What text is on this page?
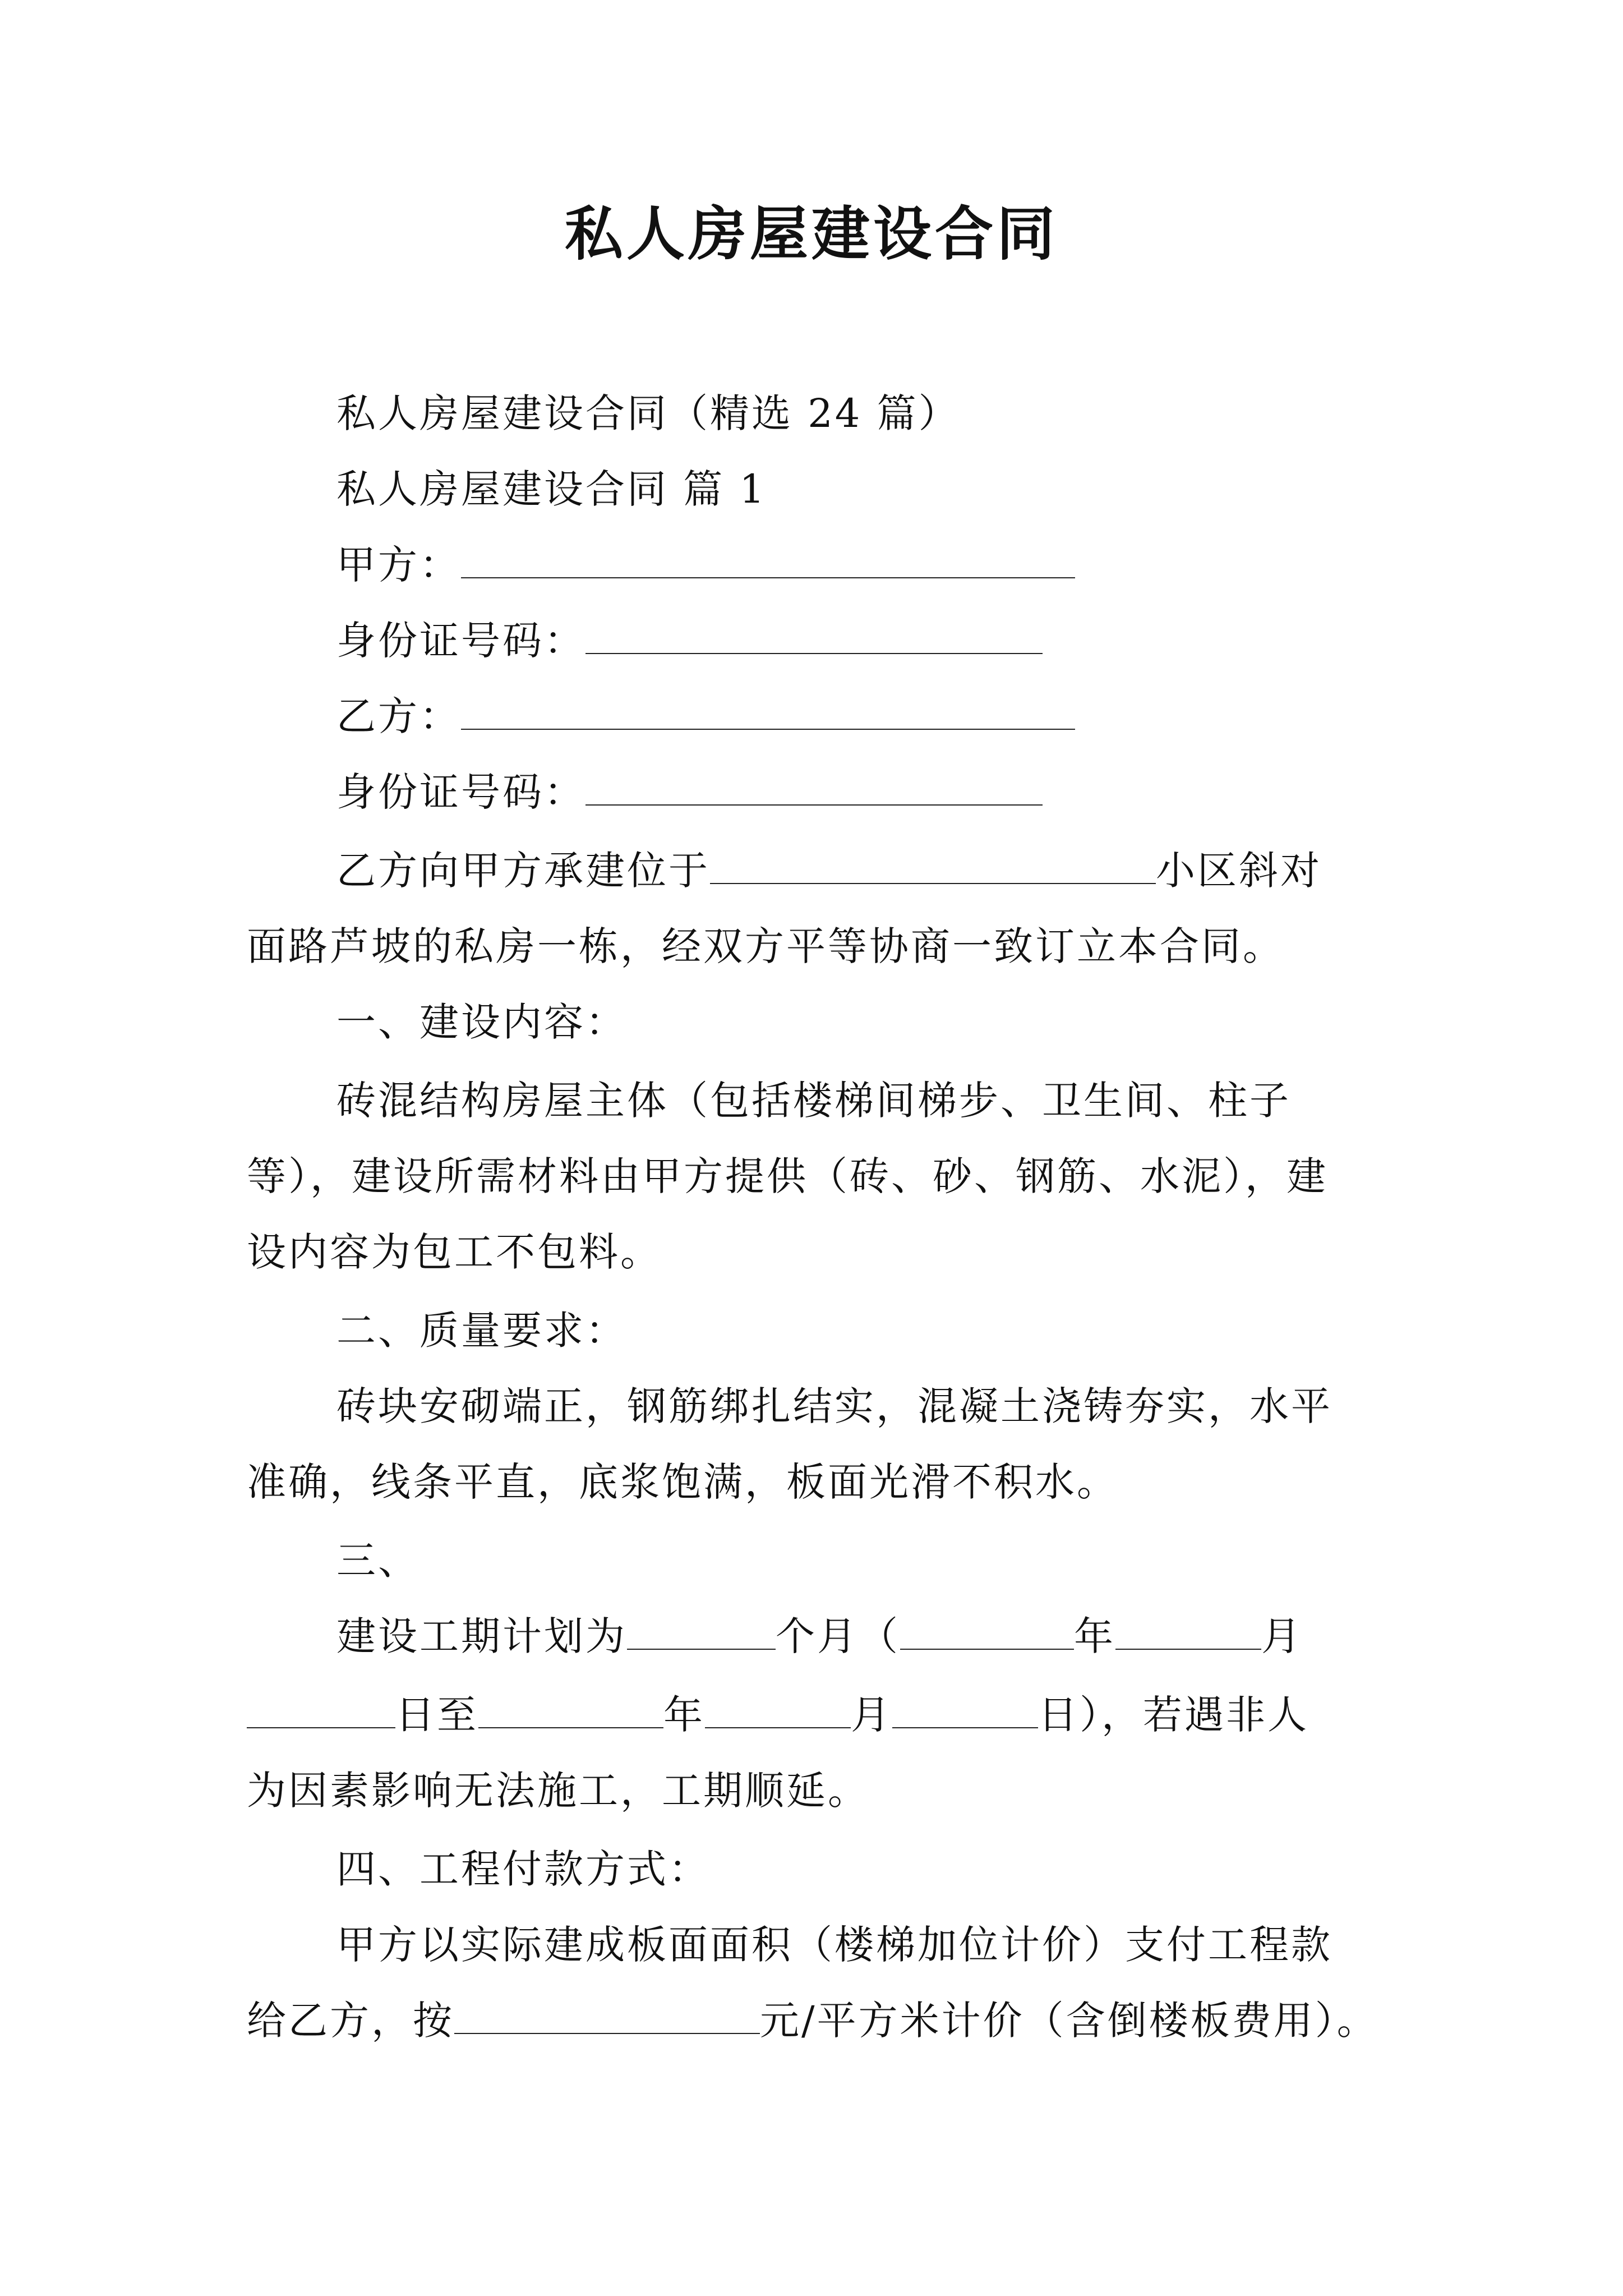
私人房屋建设合同
私人房屋建设合同（精选 24 篇）
私人房屋建设合同 篇 1
甲方：
身份证号码：
乙方：
身份证号码：
乙方向甲方承建位于	小区斜对
面路芦坡的私房一栋，经双方平等协商一致订立本合同。
一、建设内容：
砖混结构房屋主体（包括楼梯间梯步、卫生间、柱子
等），建设所需材料由甲方提供（砖、砂、钢筋、水泥），建
设内容为包工不包料。
二、质量要求：
砖块安砌端正，钢筋绑扎结实，混凝土浇铸夯实，水平
准确，线条平直，底浆饱满，板面光滑不积水。
三、
建设工期计划为	个月（	年	月
日至	年	月	日），若遇非人
为因素影响无法施工，工期顺延。
四、工程付款方式：
甲方以实际建成板面面积（楼梯加位计价）支付工程款
给乙方，按	元/平方米计价（含倒楼板费用）。
